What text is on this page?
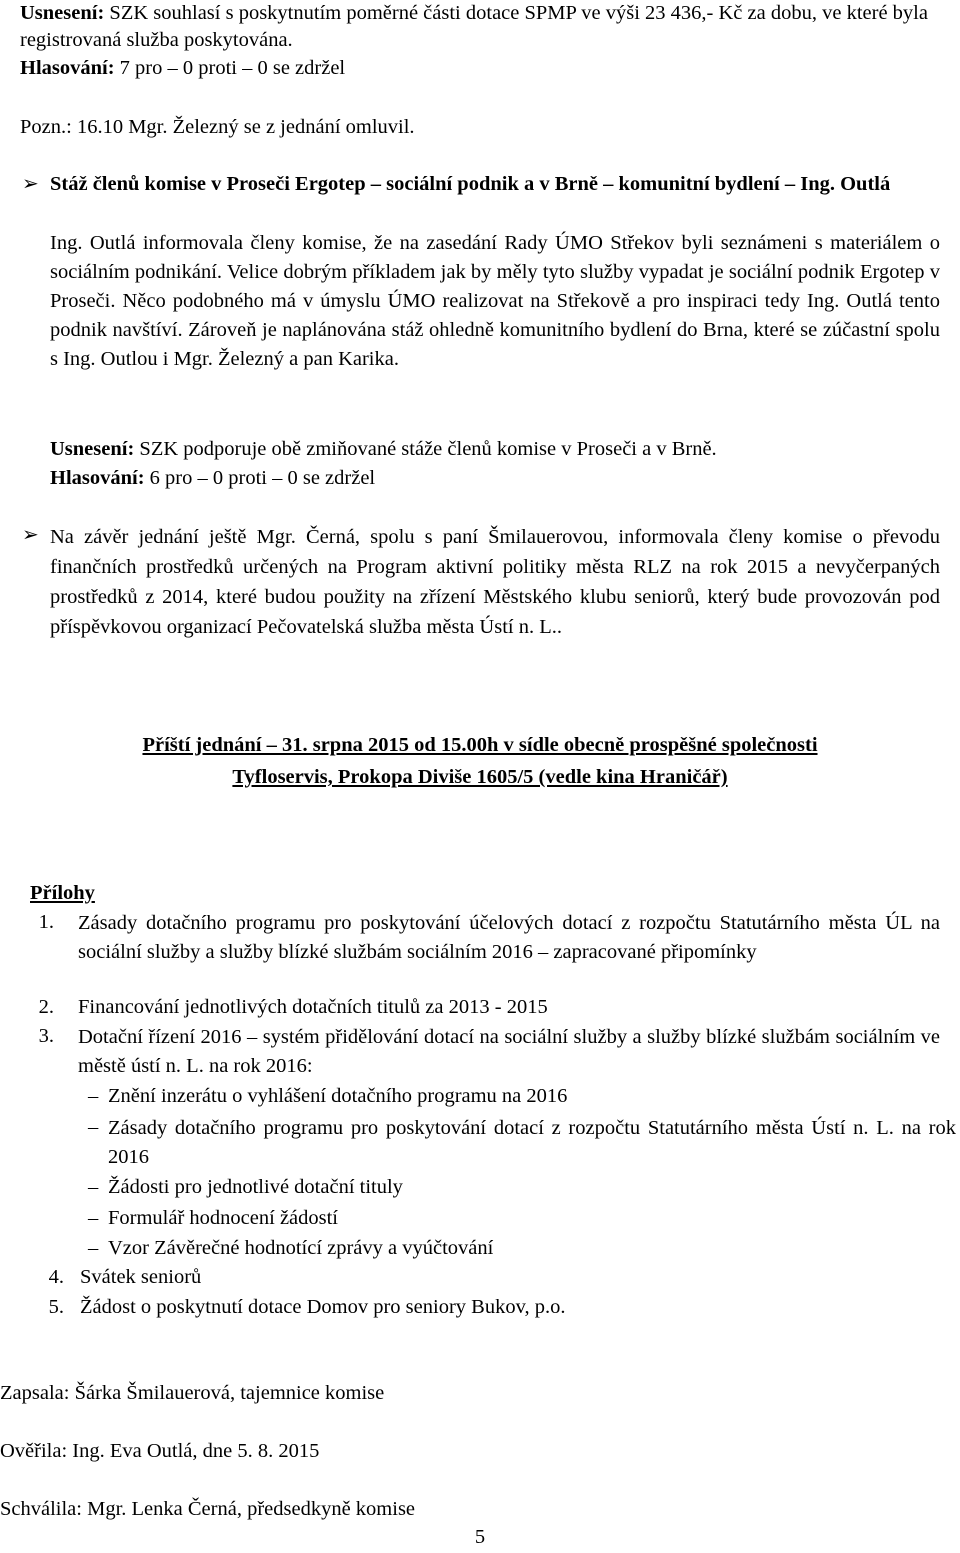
Usnesení: SZK souhlasí s poskytnutím poměrné části dotace SPMP ve výši 23 436,- Kč za dobu, ve které byla registrovaná služba poskytována.

Hlasování: 7 pro – 0 proti – 0 se zdržel

Pozn.: 16.10 Mgr. Železný se z jednání omluvil.

➢ Stáž členů komise v Proseči Ergotep – sociální podnik a v Brně – komunitní bydlení – Ing. Outlá

Ing. Outlá informovala členy komise, že na zasedání Rady ÚMO Střekov byli seznámeni s materiálem o sociálním podnikání. Velice dobrým příkladem jak by měly tyto služby vypadat je sociální podnik Ergotep v Proseči. Něco podobného má v úmyslu ÚMO realizovat na Střekově a pro inspiraci tedy Ing. Outlá tento podnik navštíví. Zároveň je naplánována stáž ohledně komunitního bydlení do Brna, které se zúčastní spolu s Ing. Outlou i Mgr. Železný a pan Karika.

Usnesení: SZK podporuje obě zmiňované stáže členů komise v Proseči a v Brně.

Hlasování: 6 pro – 0 proti – 0 se zdržel

➢ Na závěr jednání ještě Mgr. Černá, spolu s paní Šmilauerovou, informovala členy komise o převodu finančních prostředků určených na Program aktivní politiky města RLZ na rok 2015 a nevyčerpaných prostředků z 2014, které budou použity na zřízení Městského klubu seniorů, který bude provozován pod příspěvkovou organizací Pečovatelská služba města Ústí n. L..

Příští jednání – 31. srpna 2015 od 15.00h v sídle obecně prospěšné společnosti

Tyfloservis, Prokopa Diviše 1605/5 (vedle kina Hraničář)

Přílohy

1. Zásady dotačního programu pro poskytování účelových dotací z rozpočtu Statutárního města ÚL na sociální služby a služby blízké službám sociálním 2016 – zapracované připomínky

2. Financování jednotlivých dotačních titulů za 2013 - 2015

3. Dotační řízení 2016 – systém přidělování dotací na sociální služby a služby blízké službám sociálním ve městě ústí n. L. na rok 2016:

– Znění inzerátu o vyhlášení dotačního programu na 2016

– Zásady dotačního programu pro poskytování dotací z rozpočtu Statutárního města Ústí n. L. na rok 2016

– Žádosti pro jednotlivé dotační tituly

– Formulář hodnocení žádostí

– Vzor Závěrečné hodnotící zprávy a vyúčtování

4. Svátek seniorů

5. Žádost o poskytnutí dotace Domov pro seniory Bukov, p.o.

Zapsala: Šárka Šmilauerová, tajemnice komise

Ověřila: Ing. Eva Outlá, dne 5. 8. 2015

Schválila: Mgr. Lenka Černá, předsedkyně komise

5
